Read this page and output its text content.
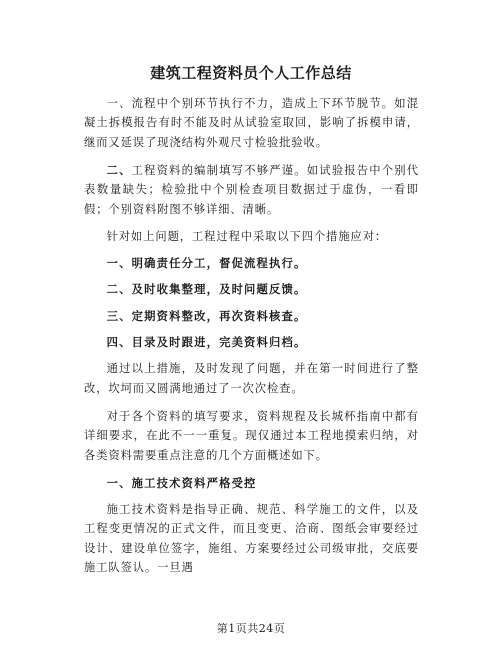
建筑工程资料员个人工作总结

一、流程中个别环节执行不力，造成上下环节脱节。如混凝土拆模报告有时不能及时从试验室取回，影响了拆模申请，继而又延误了现浇结构外观尺寸检验批验收。

二、工程资料的编制填写不够严谨。如试验报告中个别代表数量缺失；检验批中个别检查项目数据过于虚伪，一看即假；个别资料附图不够详细、清晰。

针对如上问题，工程过程中采取以下四个措施应对：

一、明确责任分工，督促流程执行。

二、及时收集整理，及时问题反馈。

三、定期资料整改，再次资料核查。

四、目录及时跟进，完美资料归档。

通过以上措施，及时发现了问题，并在第一时间进行了整改，坎坷而又圆满地通过了一次次检查。

对于各个资料的填写要求，资料规程及长城杯指南中都有详细要求，在此不一一重复。现仅通过本工程地摸索归纳，对各类资料需要重点注意的几个方面概述如下。

一、施工技术资料严格受控

施工技术资料是指导正确、规范、科学施工的文件，以及工程变更情况的正式文件，而且变更、洽商、图纸会审要经过设计、建设单位签字，施组、方案要经过公司级审批，交底要施工队签认。一旦遇

第1页共24页
